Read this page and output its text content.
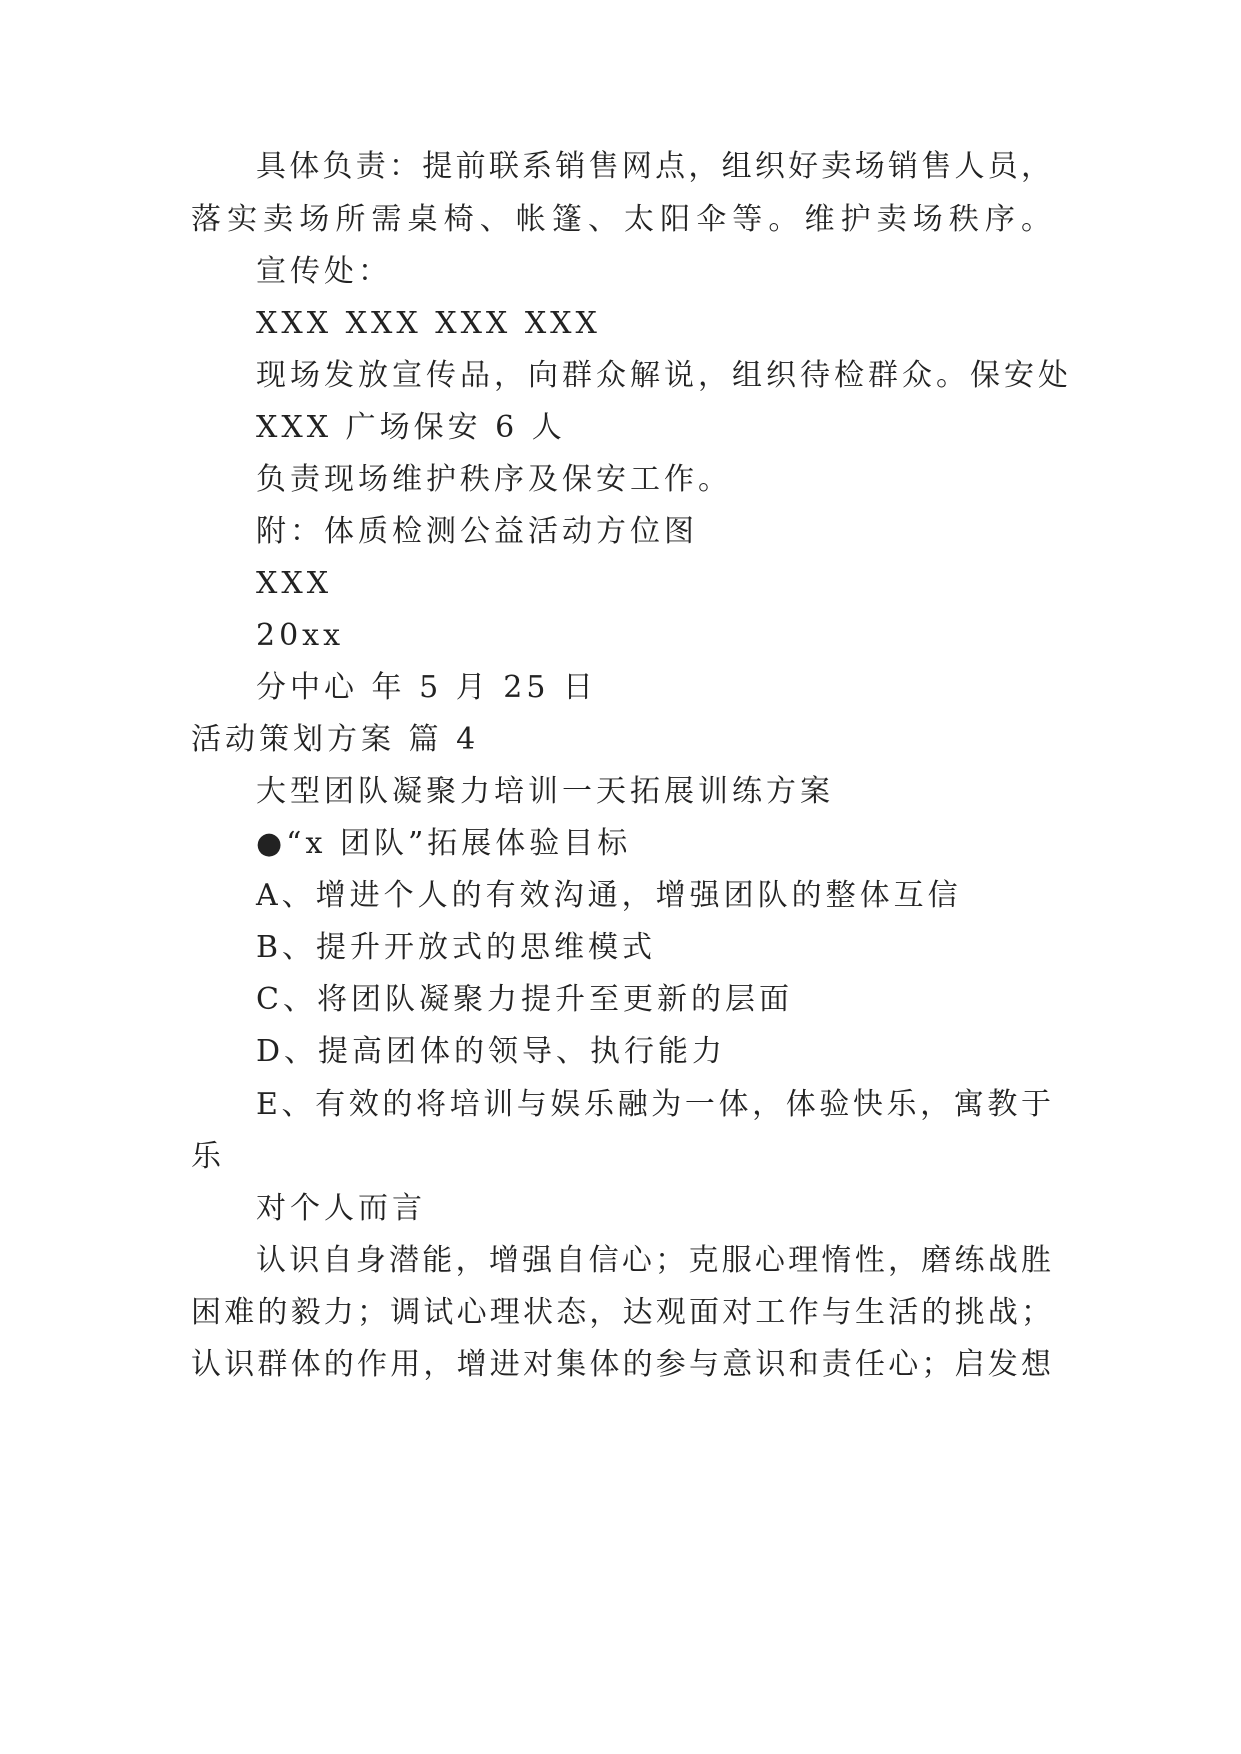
具体负责：提前联系销售网点，组织好卖场销售人员，
落实卖场所需桌椅、帐篷、太阳伞等。维护卖场秩序。
宣传处：
XXX XXX XXX XXX
现场发放宣传品，向群众解说，组织待检群众。保安处
XXX 广场保安 6 人
负责现场维护秩序及保安工作。
附：体质检测公益活动方位图
XXX
20xx
分中心 年 5 月 25 日
活动策划方案 篇 4
大型团队凝聚力培训一天拓展训练方案
●“x 团队”拓展体验目标
A、增进个人的有效沟通，增强团队的整体互信
B、提升开放式的思维模式
C、将团队凝聚力提升至更新的层面
D、提高团体的领导、执行能力
E、有效的将培训与娱乐融为一体，体验快乐，寓教于
乐
对个人而言
认识自身潜能，增强自信心；克服心理惰性，磨练战胜
困难的毅力；调试心理状态，达观面对工作与生活的挑战；
认识群体的作用，增进对集体的参与意识和责任心；启发想
